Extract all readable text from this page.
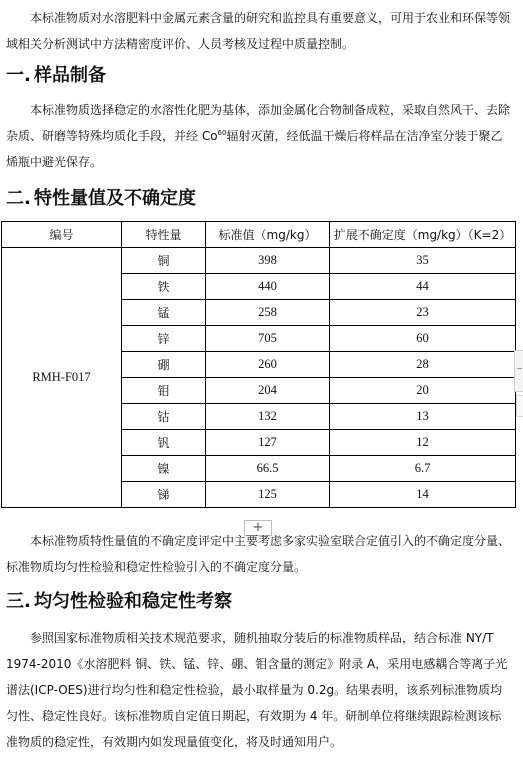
本标准物质对水溶肥料中金属元素含量的研究和监控具有重要意义，可用于农业和环保等领域相关分析测试中方法精密度评价、人员考核及过程中质量控制。

一. 样品制备

本标准物质选择稳定的水溶性化肥为基体，添加金属化合物制备成粒，采取自然风干、去除杂质、研磨等特殊均质化手段，并经 Co$^{60}$辐射灭菌，经低温干燥后将样品在洁净室分装于聚乙烯瓶中避光保存。

二. 特性量值及不确定度
编号	特性量	标准值（mg/kg）	扩展不确定度（mg/kg）（K=2）
RMH-F017	铜	398	35
	铁	440	44
	锰	258	23
	锌	705	60
	硼	260	28
	钼	204	20
	钴	132	13
	钒	127	12
	镍	66.5	6.7
	锑	125	14
+

本标准物质特性量值的不确定度评定中主要考虑多家实验室联合定值引入的不确定度分量、标准物质均匀性检验和稳定性检验引入的不确定度分量。

三. 均匀性检验和稳定性考察

参照国家标准物质相关技术规范要求，随机抽取分装后的标准物质样品，结合标准 NY/T 1974-2010《水溶肥料 铜、铁、锰、锌、硼、钼含量的测定》附录 A，采用电感耦合等离子光谱法(ICP-OES)进行均匀性和稳定性检验，最小取样量为 0.2g。结果表明，该系列标准物质均匀性、稳定性良好。该标准物质自定值日期起，有效期为 4 年。研制单位将继续跟踪检测该标准物质的稳定性，有效期内如发现量值变化，将及时通知用户。
